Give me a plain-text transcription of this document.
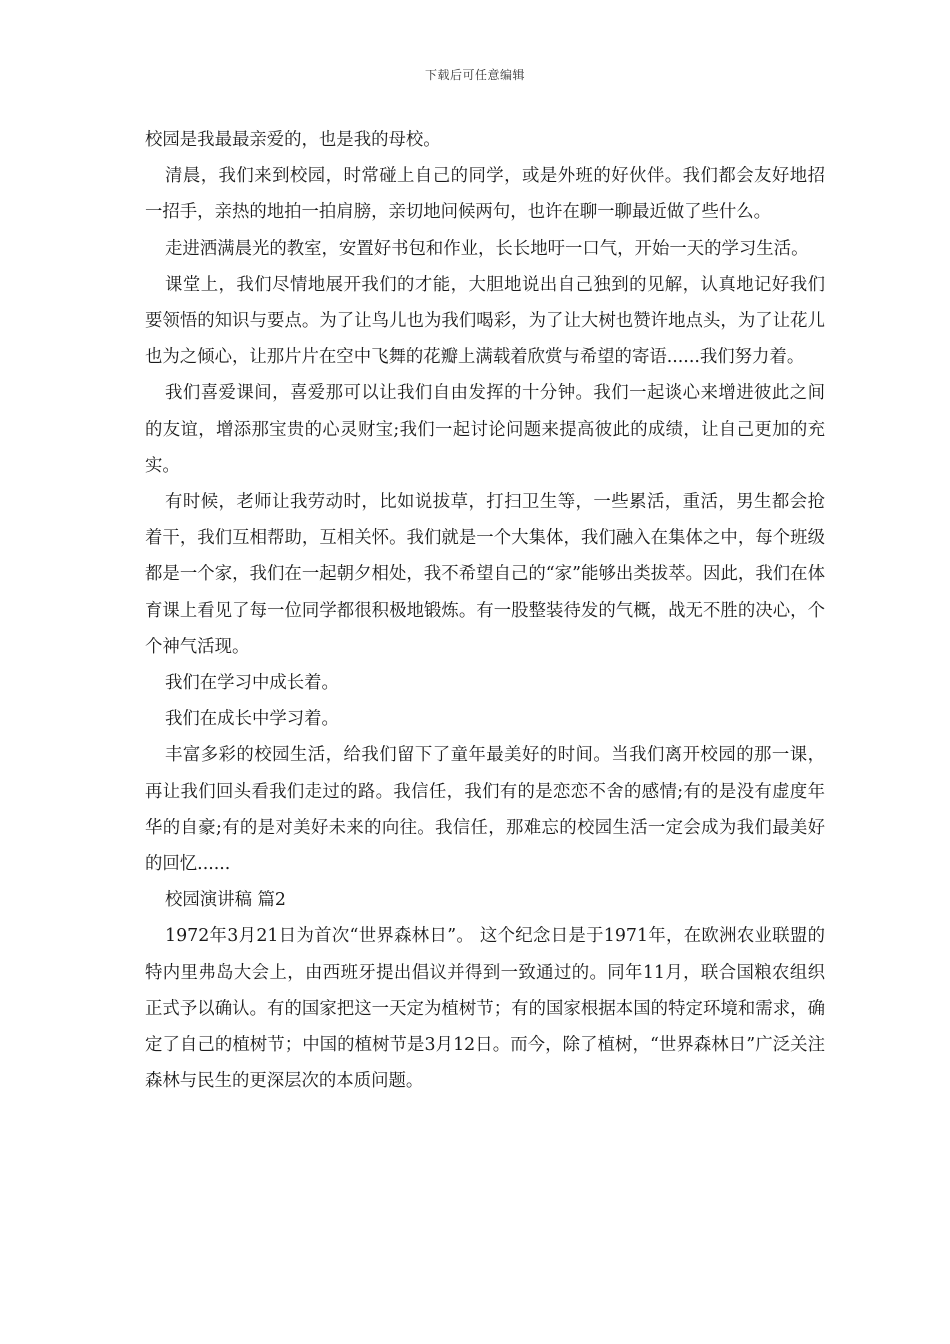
下载后可任意编辑

校园是我最最亲爱的，也是我的母校。

清晨，我们来到校园，时常碰上自己的同学，或是外班的好伙伴。我们都会友好地招一招手，亲热的地拍一拍肩膀，亲切地问候两句，也许在聊一聊最近做了些什么。

走进洒满晨光的教室，安置好书包和作业，长长地吁一口气，开始一天的学习生活。

课堂上，我们尽情地展开我们的才能，大胆地说出自己独到的见解，认真地记好我们要领悟的知识与要点。为了让鸟儿也为我们喝彩，为了让大树也赞许地点头，为了让花儿也为之倾心，让那片片在空中飞舞的花瓣上满载着欣赏与希望的寄语......我们努力着。

我们喜爱课间，喜爱那可以让我们自由发挥的十分钟。我们一起谈心来增进彼此之间的友谊，增添那宝贵的心灵财宝;我们一起讨论问题来提高彼此的成绩，让自己更加的充实。

有时候，老师让我劳动时，比如说拔草，打扫卫生等，一些累活，重活，男生都会抢着干，我们互相帮助，互相关怀。我们就是一个大集体，我们融入在集体之中，每个班级都是一个家，我们在一起朝夕相处，我不希望自己的“家”能够出类拔萃。因此，我们在体育课上看见了每一位同学都很积极地锻炼。有一股整装待发的气概，战无不胜的决心，个个神气活现。

我们在学习中成长着。

我们在成长中学习着。

丰富多彩的校园生活，给我们留下了童年最美好的时间。当我们离开校园的那一课，再让我们回头看我们走过的路。我信任，我们有的是恋恋不舍的感情;有的是没有虚度年华的自豪;有的是对美好未来的向往。我信任，那难忘的校园生活一定会成为我们最美好的回忆......

校园演讲稿 篇2

1972年3月21日为首次“世界森林日”。 这个纪念日是于1971年，在欧洲农业联盟的特内里弗岛大会上，由西班牙提出倡议并得到一致通过的。同年11月，联合国粮农组织正式予以确认。有的国家把这一天定为植树节；有的国家根据本国的特定环境和需求，确定了自己的植树节；中国的植树节是3月12日。而今，除了植树，“世界森林日”广泛关注森林与民生的更深层次的本质问题。
